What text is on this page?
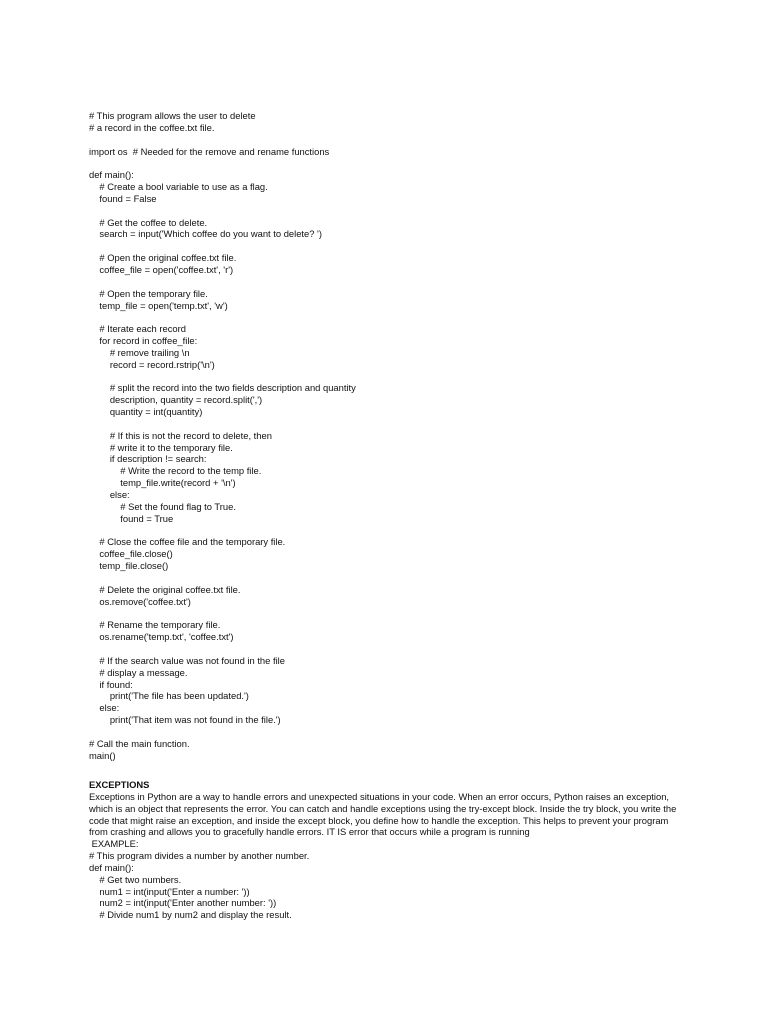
# This program allows the user to delete
# a record in the coffee.txt file.
import os  # Needed for the remove and rename functions
def main():
# Create a bool variable to use as a flag.
found = False
# Get the coffee to delete.
search = input('Which coffee do you want to delete? ')
# Open the original coffee.txt file.
coffee_file = open('coffee.txt', 'r')
# Open the temporary file.
temp_file = open('temp.txt', 'w')
# Iterate each record
for record in coffee_file:
# remove trailing \n
record = record.rstrip('\n')
# split the record into the two fields description and quantity
description, quantity = record.split(',')
quantity = int(quantity)
# If this is not the record to delete, then
# write it to the temporary file.
if description != search:
# Write the record to the temp file.
temp_file.write(record + '\n')
else:
# Set the found flag to True.
found = True
# Close the coffee file and the temporary file.
coffee_file.close()
temp_file.close()
# Delete the original coffee.txt file.
os.remove('coffee.txt')
# Rename the temporary file.
os.rename('temp.txt', 'coffee.txt')
# If the search value was not found in the file
# display a message.
if found:
print('The file has been updated.')
else:
print('That item was not found in the file.')
# Call the main function.
main()
EXCEPTIONS
Exceptions in Python are a way to handle errors and unexpected situations in your code. When an error occurs, Python raises an exception, which is an object that represents the error. You can catch and handle exceptions using the try-except block. Inside the try block, you write the code that might raise an exception, and inside the except block, you define how to handle the exception. This helps to prevent your program from crashing and allows you to gracefully handle errors. IT IS error that occurs while a program is running
EXAMPLE:
# This program divides a number by another number.
def main():
# Get two numbers.
num1 = int(input('Enter a number: '))
num2 = int(input('Enter another number: '))
# Divide num1 by num2 and display the result.
